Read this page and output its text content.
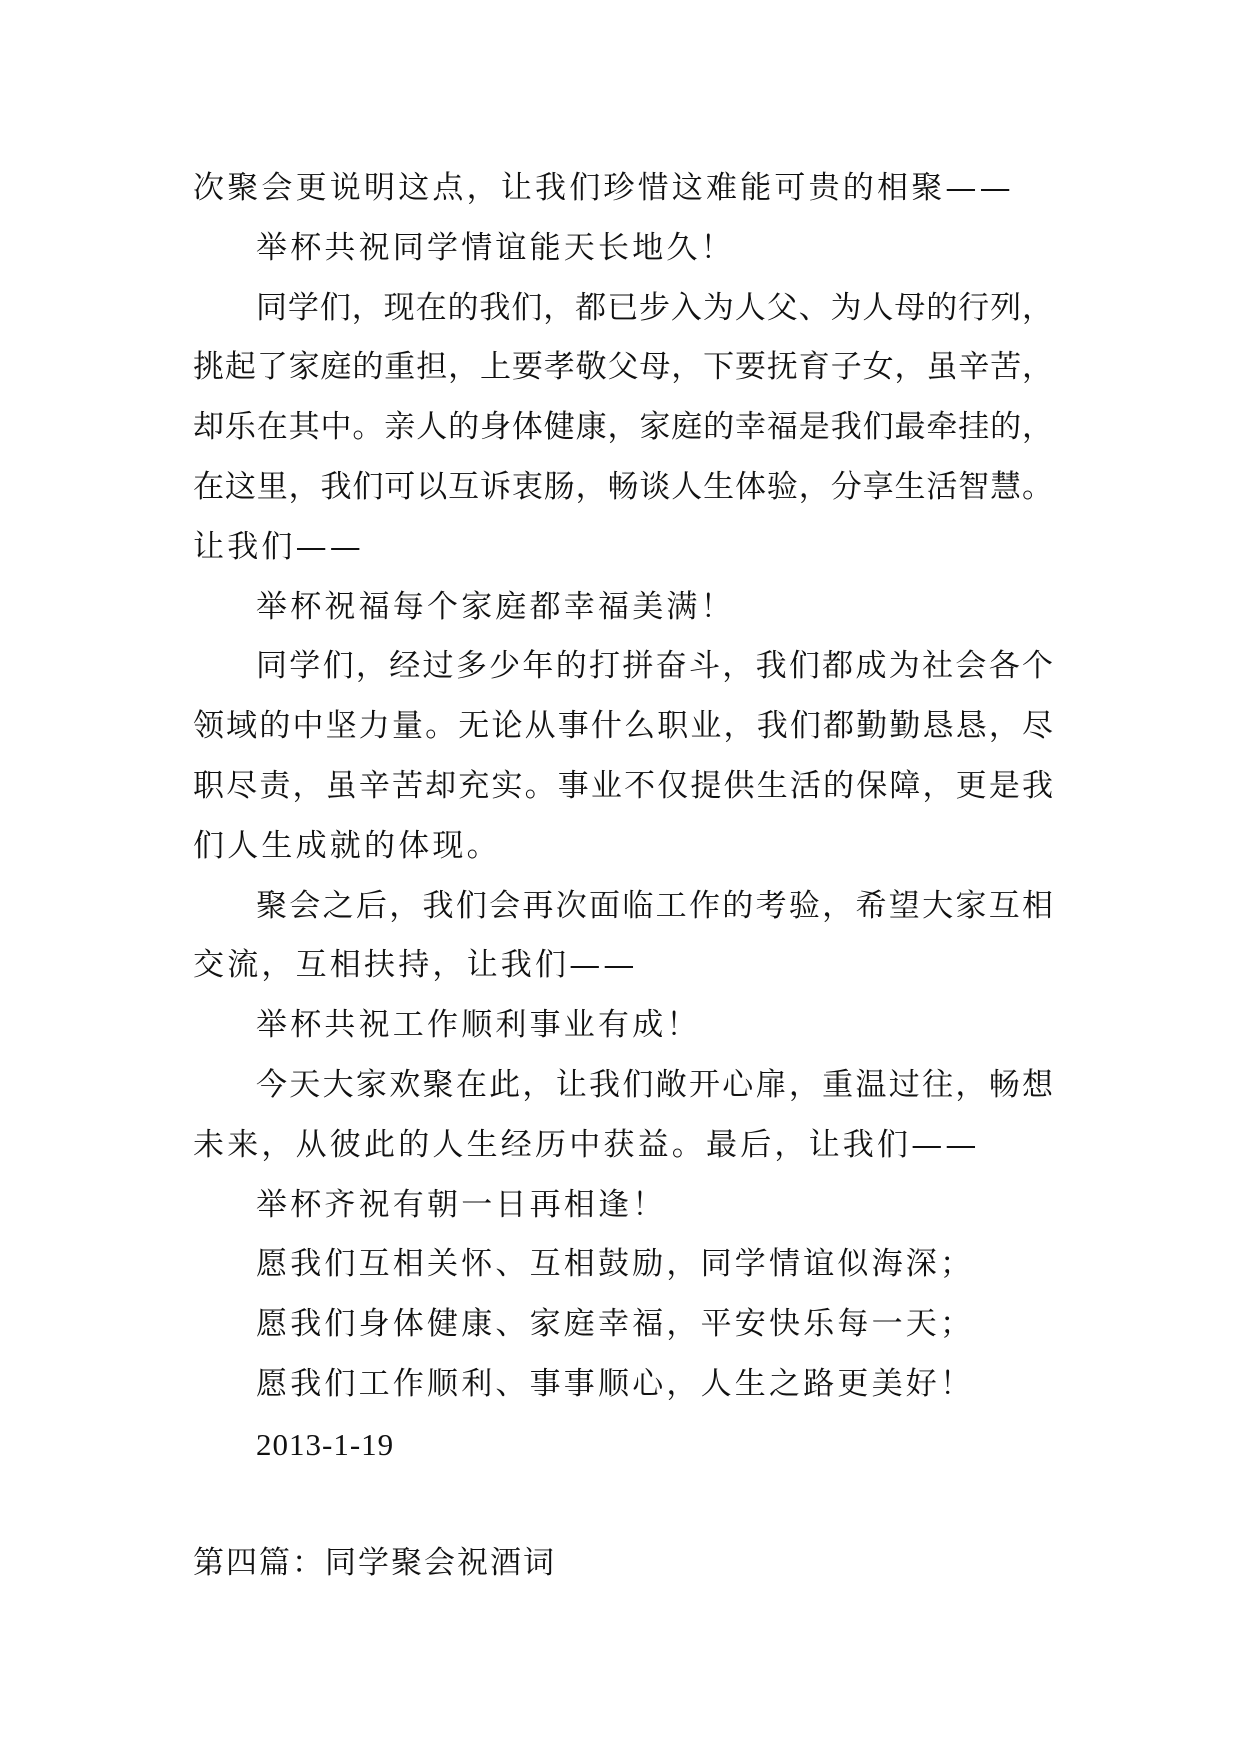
次聚会更说明这点，让我们珍惜这难能可贵的相聚——
举杯共祝同学情谊能天长地久！
同学们，现在的我们，都已步入为人父、为人母的行列，
挑起了家庭的重担，上要孝敬父母，下要抚育子女，虽辛苦，
却乐在其中。亲人的身体健康，家庭的幸福是我们最牵挂的，
在这里，我们可以互诉衷肠，畅谈人生体验，分享生活智慧。
让我们——
举杯祝福每个家庭都幸福美满！
同学们，经过多少年的打拼奋斗，我们都成为社会各个
领域的中坚力量。无论从事什么职业，我们都勤勤恳恳，尽
职尽责，虽辛苦却充实。事业不仅提供生活的保障，更是我
们人生成就的体现。
聚会之后，我们会再次面临工作的考验，希望大家互相
交流，互相扶持，让我们——
举杯共祝工作顺利事业有成！
今天大家欢聚在此，让我们敞开心扉，重温过往，畅想
未来，从彼此的人生经历中获益。最后，让我们——
举杯齐祝有朝一日再相逢！
愿我们互相关怀、互相鼓励，同学情谊似海深；
愿我们身体健康、家庭幸福，平安快乐每一天；
愿我们工作顺利、事事顺心，人生之路更美好！
2013-1-19
第四篇：同学聚会祝酒词
